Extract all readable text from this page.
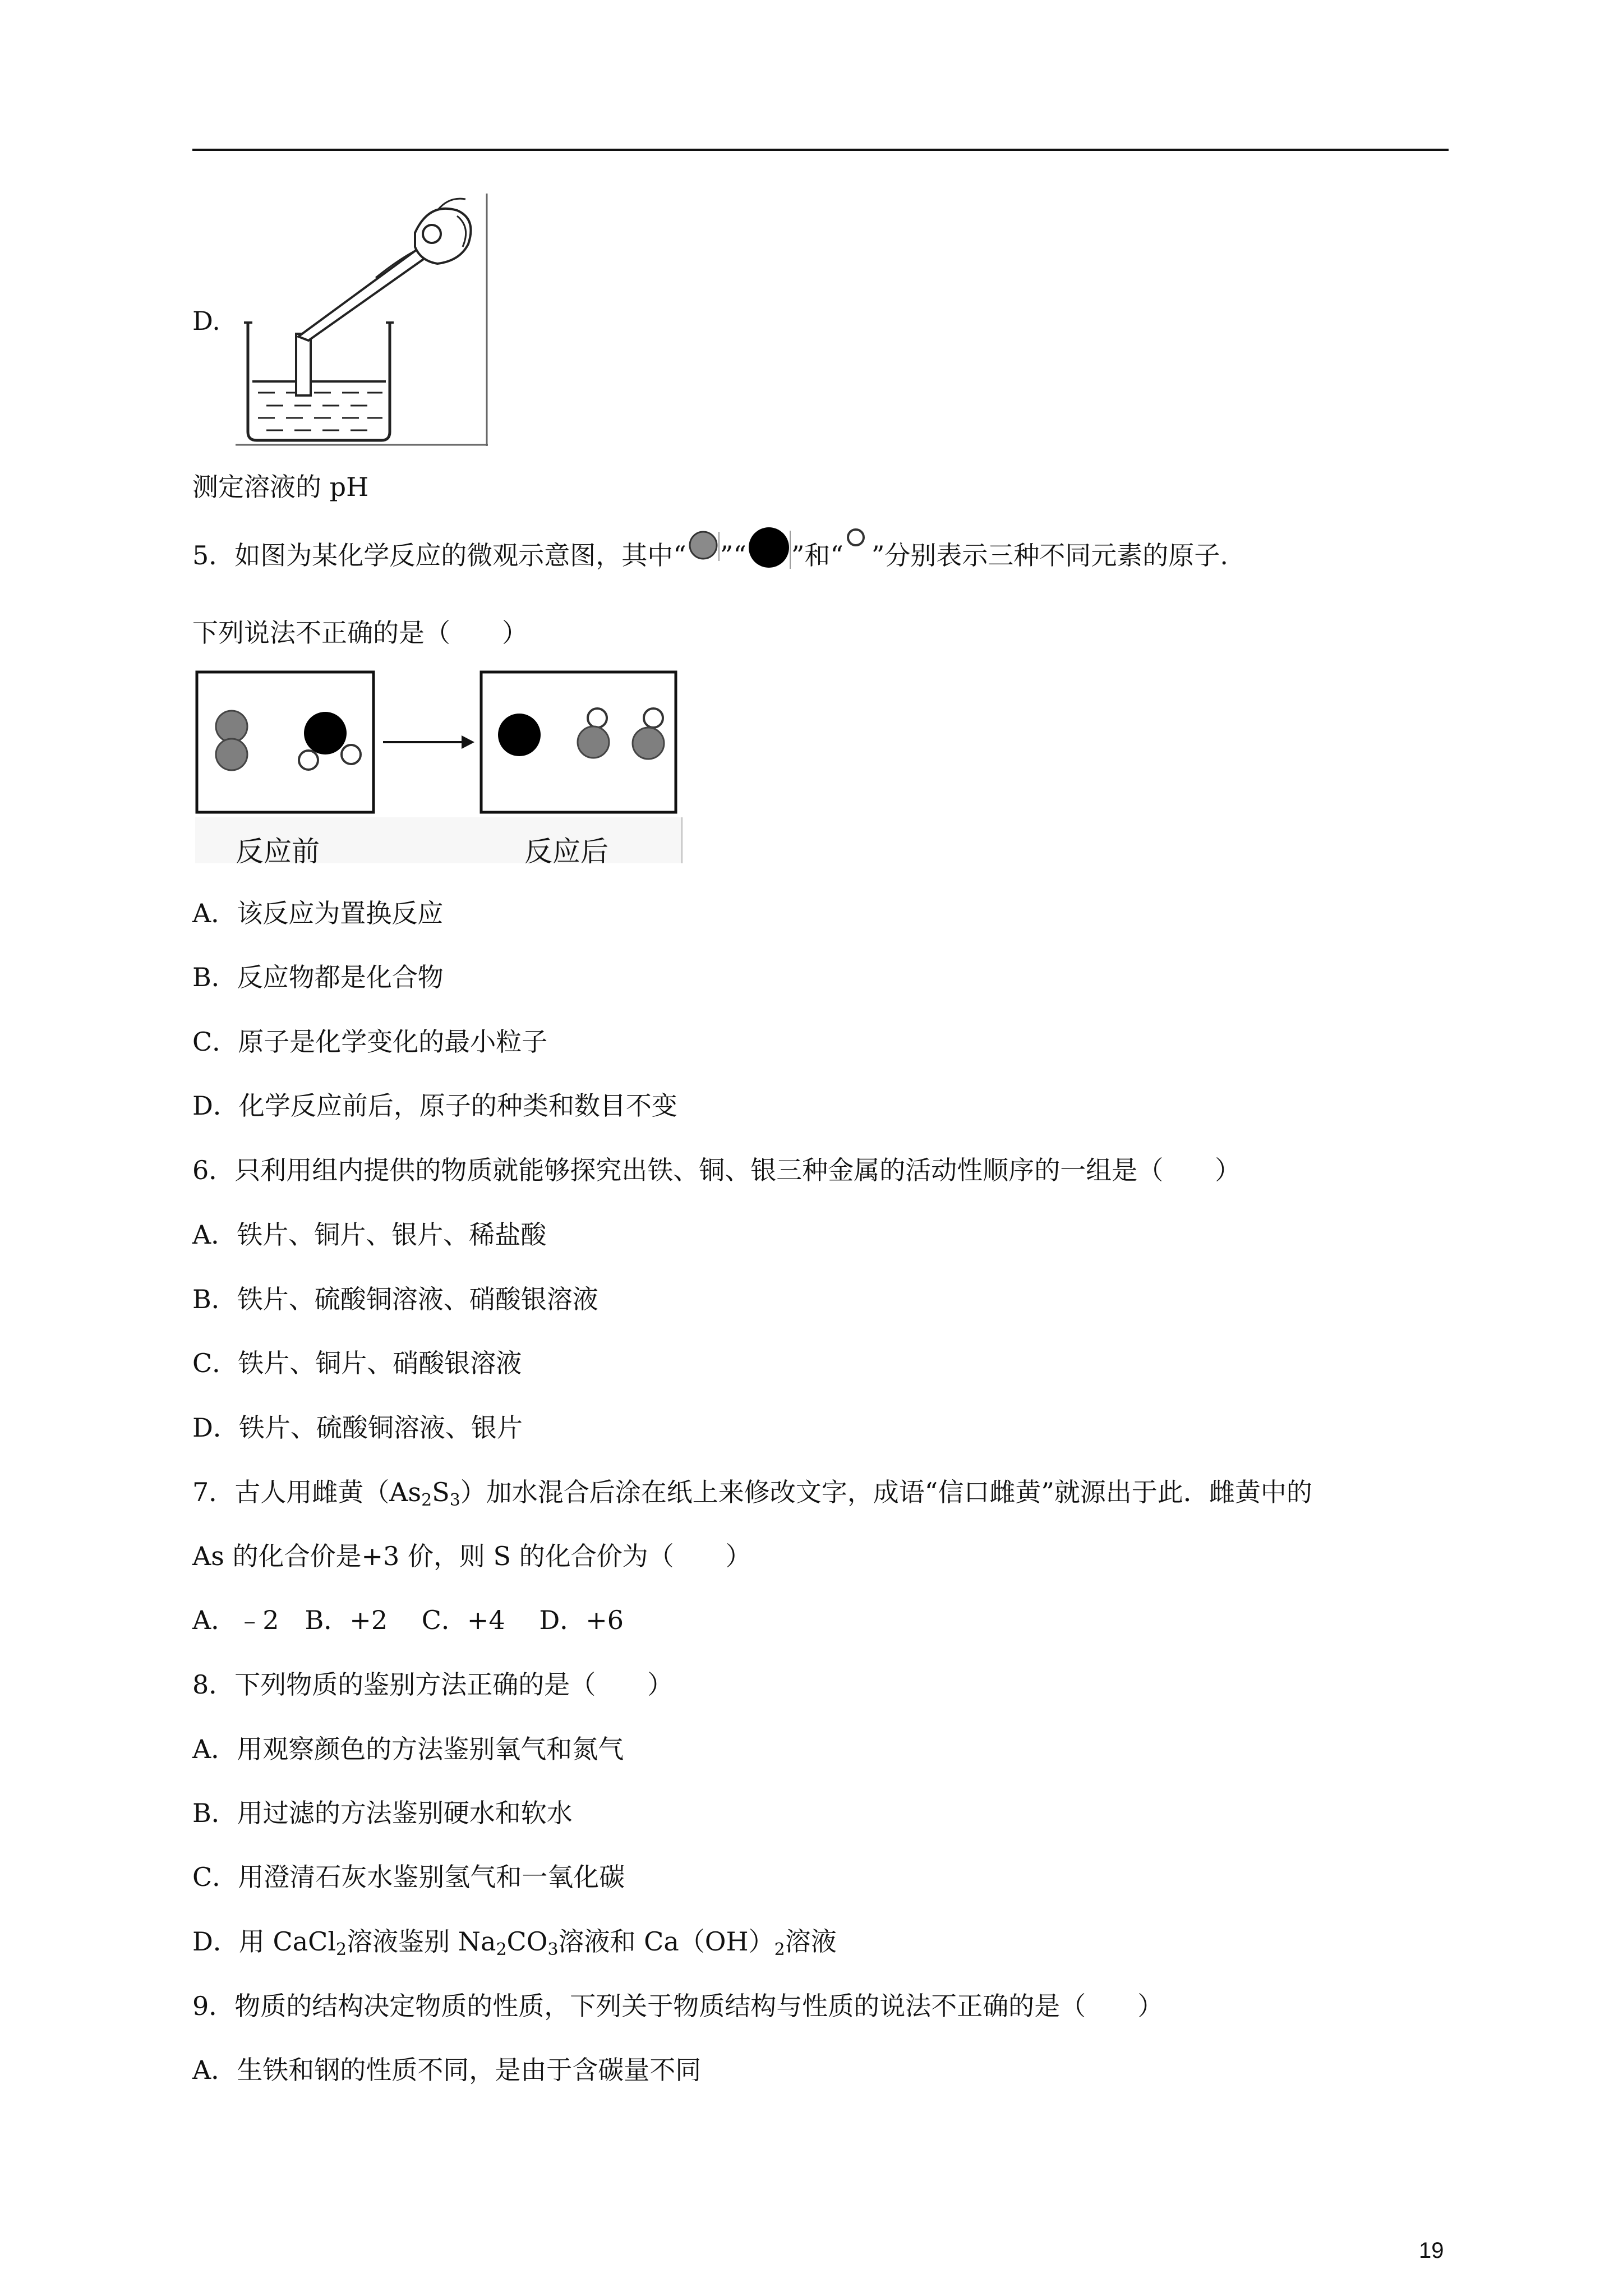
D.
测定溶液的 pH
5．如图为某化学反应的微观示意图，其中“ ”“ ”和“ ”分别表示三种不同元素的原子.
下列说法不正确的是（　　）
反应前	反应后
A．该反应为置换反应
B．反应物都是化合物
C．原子是化学变化的最小粒子
D．化学反应前后，原子的种类和数目不变
6．只利用组内提供的物质就能够探究出铁、铜、银三种金属的活动性顺序的一组是（　　）
A．铁片、铜片、银片、稀盐酸
B．铁片、硫酸铜溶液、硝酸银溶液
C．铁片、铜片、硝酸银溶液
D．铁片、硫酸铜溶液、银片
7．古人用雌黄$(As_2S_3)$加水混合后涂在纸上来修改文字，成语“信口雌黄”就源出于此．雌黄中的
As 的化合价是+3 价，则 S 的化合价为（　　）
A．﹣2　B．+2　 C．+4　 D．+6
8．下列物质的鉴别方法正确的是（　　）
A．用观察颜色的方法鉴别氧气和氮气
B．用过滤的方法鉴别硬水和软水
C．用澄清石灰水鉴别氢气和一氧化碳
D．用 CaCl$_2$溶液鉴别 $Na_2CO_3$溶液和 $Ca(OH)_2$溶液
9．物质的结构决定物质的性质，下列关于物质结构与性质的说法不正确的是（　　）
A．生铁和钢的性质不同，是由于含碳量不同
19
